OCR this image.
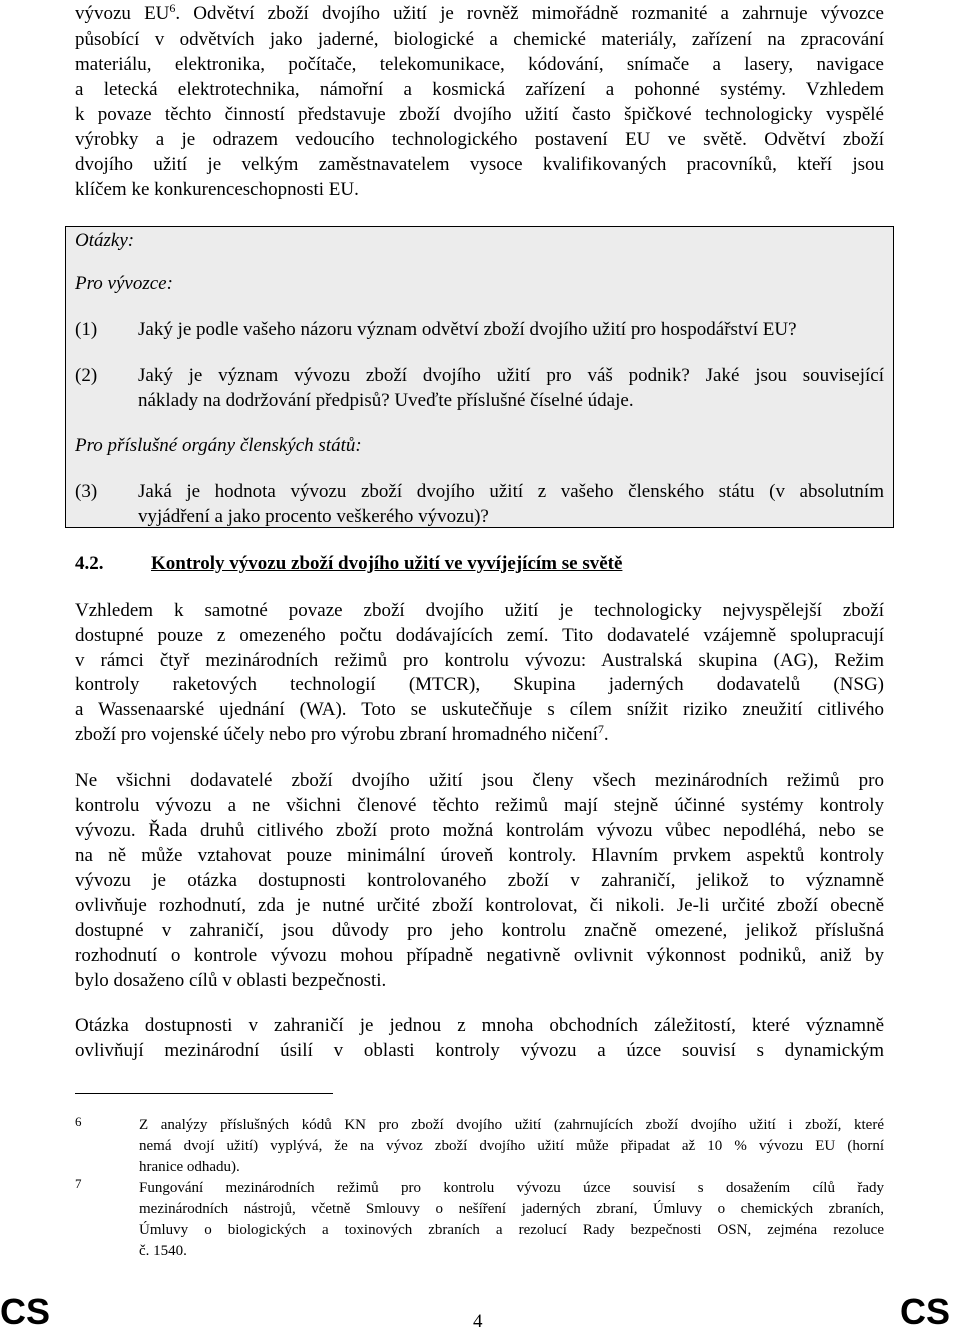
vývozu $EU^6$. Odvětví zboží dvojího užití je rovněž mimořádně rozmanité a zahrnuje vývozce
působící v odvětvích jako jaderné, biologické a chemické materiály, zařízení na zpracování
materiálu, elektronika, počítače, telekomunikace, kódování, snímače a lasery, navigace
a letecká elektrotechnika, námořní a kosmická zařízení a pohonné systémy. Vzhledem
k povaze těchto činností představuje zboží dvojího užití často špičkové technologicky vyspělé
výrobky a je odrazem vedoucího technologického postavení EU ve světě. Odvětví zboží
dvojího užití je velkým zaměstnavatelem vysoce kvalifikovaných pracovníků, kteří jsou
klíčem ke konkurenceschopnosti EU.
Otázky:
Pro vývozce:
(1) Jaký je podle vašeho názoru význam odvětví zboží dvojího užití pro hospodářství EU?
(2) Jaký je význam vývozu zboží dvojího užití pro váš podnik? Jaké jsou související
náklady na dodržování předpisů? Uveďte příslušné číselné údaje.
Pro příslušné orgány členských států:
(3) Jaká je hodnota vývozu zboží dvojího užití z vašeho členského státu (v absolutním
vyjádření a jako procento veškerého vývozu)?
4.2.	Kontroly vývozu zboží dvojího užití ve vyvíjejícím se světě
Vzhledem k samotné povaze zboží dvojího užití je technologicky nejvyspělejší zboží
dostupné pouze z omezeného počtu dodávajících zemí. Tito dodavatelé vzájemně spolupracují
v rámci čtyř mezinárodních režimů pro kontrolu vývozu: Australská skupina (AG), Režim
kontroly raketových technologií (MTCR), Skupina jaderných dodavatelů (NSG)
a Wassenaarské ujednání (WA). Toto se uskutečňuje s cílem snížit riziko zneužití citlivého
zboží pro vojenské účely nebo pro výrobu zbraní hromadného ničení$^7$.
Ne všichni dodavatelé zboží dvojího užití jsou členy všech mezinárodních režimů pro
kontrolu vývozu a ne všichni členové těchto režimů mají stejně účinné systémy kontroly
vývozu. Řada druhů citlivého zboží proto možná kontrolám vývozu vůbec nepodléhá, nebo se
na ně může vztahovat pouze minimální úroveň kontroly. Hlavním prvkem aspektů kontroly
vývozu je otázka dostupnosti kontrolovaného zboží v zahraničí, jelikož to významně
ovlivňuje rozhodnutí, zda je nutné určité zboží kontrolovat, či nikoli. Je-li určité zboží obecně
dostupné v zahraničí, jsou důvody pro jeho kontrolu značně omezené, jelikož příslušná
rozhodnutí o kontrole vývozu mohou případně negativně ovlivnit výkonnost podniků, aniž by
bylo dosaženo cílů v oblasti bezpečnosti.
Otázka dostupnosti v zahraničí je jednou z mnoha obchodních záležitostí, které významně
ovlivňují mezinárodní úsilí v oblasti kontroly vývozu a úzce souvisí s dynamickým
6	Z analýzy příslušných kódů KN pro zboží dvojího užití (zahrnujících zboží dvojího užití i zboží, které
nemá dvojí užití) vyplývá, že na vývoz zboží dvojího užití může připadat až 10 % vývozu EU (horní
hranice odhadu).
7	Fungování mezinárodních režimů pro kontrolu vývozu úzce souvisí s dosažením cílů řady
mezinárodních nástrojů, včetně Smlouvy o nešíření jaderných zbraní, Úmluvy o chemických zbraních,
Úmluvy o biologických a toxinových zbraních a rezolucí Rady bezpečnosti OSN, zejména rezoluce
č. 1540.
CS	4	CS
